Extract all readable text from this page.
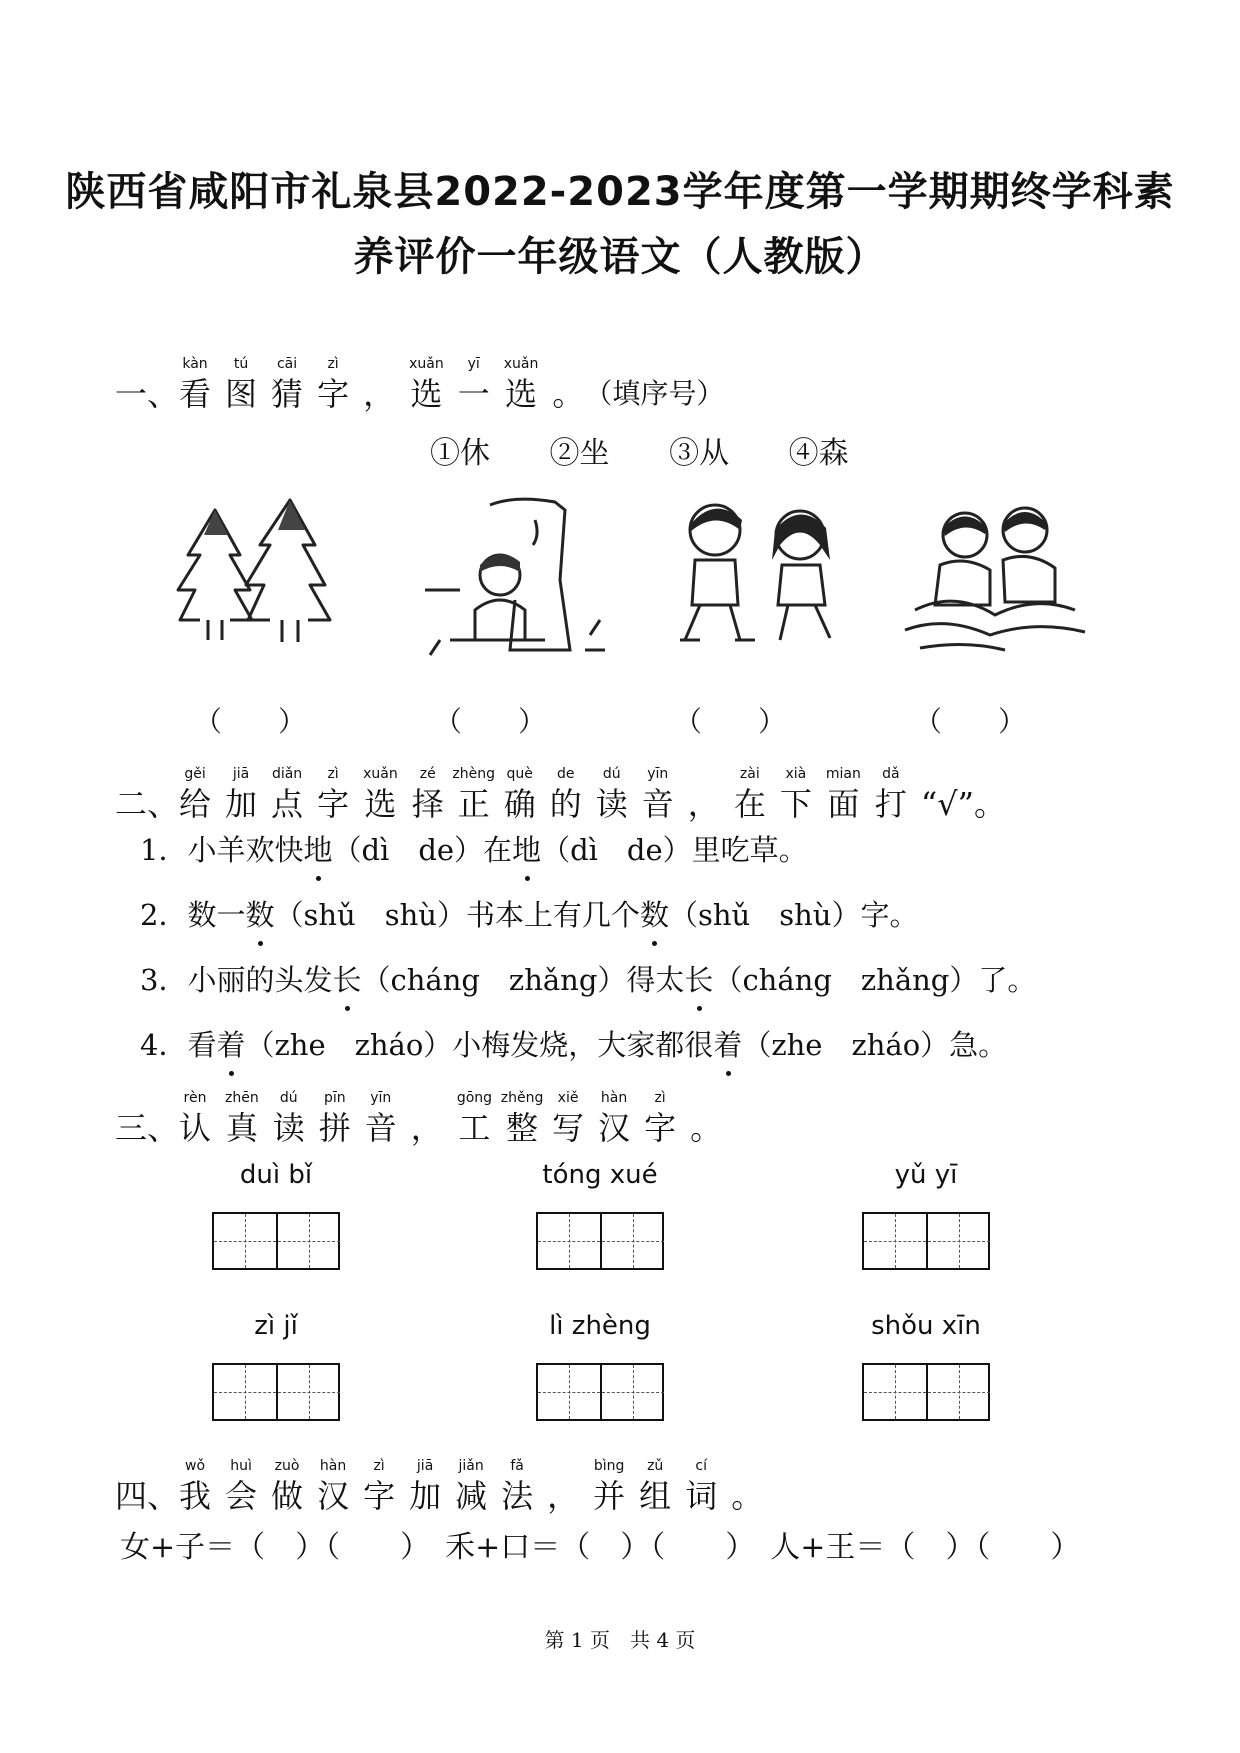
陕西省咸阳市礼泉县2022-2023学年度第一学期期终学科素
养评价一年级语文（人教版）
一、
kàn
看
tú
图
cāi
猜
zì
字 ，
xuǎn
选
yī
一
xuǎn
选 。（填序号）
①休 ②坐 ③从 ④森
（　　）	（　　）	（　　）	（　　）
二、
gěi
给
jiā
加
diǎn
点
zì
字
xuǎn
选
zé
择
zhèng
正
què
确
de
的
dú
读
yīn
音 ，
zài
在
xià
下
mian
面
dǎ
打 “√”。
1．小羊欢快地（dì　de）在地（dì　de）里吃草。
2．数一数（shǔ　shù）书本上有几个数（shǔ　shù）字。
3．小丽的头发长（cháng　zhǎng）得太长（cháng　zhǎng）了。
4．看着（zhe　zháo）小梅发烧，大家都很着（zhe　zháo）急。
三、
rèn
认
zhēn
真
dú
读
pīn
拼
yīn
音 ，
gōng
工
zhěng
整
xiě
写
hàn
汉
zì
字 。
duì bǐ	tóng xué	yǔ yī
zì jǐ	lì zhèng	shǒu xīn
四、
wǒ
我
huì
会
zuò
做
hàn
汉
zì
字
jiā
加
jiǎn
减
fǎ
法 ，
bìng
并
zǔ
组
cí
词 。
女+子＝（　）（　　）　禾+口＝（　）（　　）　人+王＝（　）（　　）
第 1 页　共 4 页
